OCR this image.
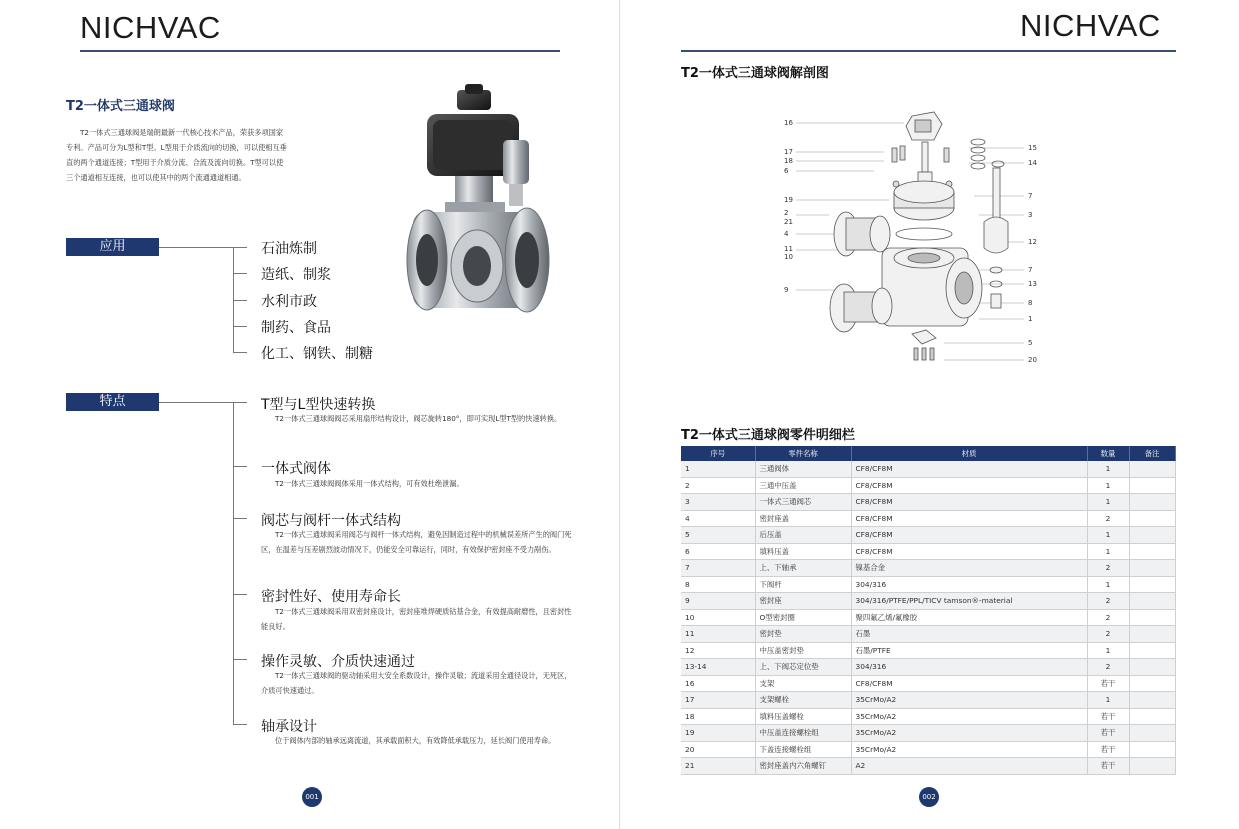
NICHVAC
T2一体式三通球阀
T2一体式三通球阀是瑞朗最新一代核心技术产品，荣获多项国家专利。产品可分为L型和T型。L型用于介质流向的切换，可以使相互垂直的两个通道连接；T型用于介质分流、合流及流向切换。T型可以使三个通道相互连接，也可以使其中的两个流通通道相通。
应用	石油炼制
造纸、制浆
水利市政
制药、食品
化工、钢铁、制糖
特点	T型与L型快速转换
T2一体式三通球阀阀芯采用扇形结构设计，阀芯旋转180°，即可实现L型T型的快速转换。
一体式阀体
T2一体式三通球阀阀体采用一体式结构，可有效杜绝泄漏。
阀芯与阀杆一体式结构
T2一体式三通球阀采用阀芯与阀杆一体式结构，避免因制造过程中的机械误差所产生的阀门死区，在温差与压差剧烈波动情况下，仍能安全可靠运行，同时，有效保护密封座不受力剐伤。
密封性好、使用寿命长
T2一体式三通球阀采用双密封座设计，密封座堆焊硬质钴基合金，有效提高耐磨性，且密封性能良好。
操作灵敏、介质快速通过
T2一体式三通球阀的驱动轴采用大安全系数设计，操作灵敏；流道采用全通径设计，无死区，介质可快速通过。
轴承设计
位于阀体内部的轴承远离流道，其承载面积大，有效降低承载压力，延长阀门使用寿命。
001
NICHVAC
T2一体式三通球阀解剖图
16
17
18
6
19
2
21
4
11
10
9
15
14
7
3
12
7
13
8
1
5
20
T2一体式三通球阀零件明细栏
序号	零件名称	材质	数量	备注
1	三通阀体	CF8/CF8M	1	
2	三通中压盖	CF8/CF8M	1	
3	一体式三通阀芯	CF8/CF8M	1	
4	密封座盖	CF8/CF8M	2	
5	后压盖	CF8/CF8M	1	
6	填料压盖	CF8/CF8M	1	
7	上、下轴承	镍基合金	2	
8	下阀杆	304/316	1	
9	密封座	304/316/PTFE/PPL/TICV tamson®-material	2	
10	O型密封圈	聚四氟乙烯/氟橡胶	2	
11	密封垫	石墨	2	
12	中压盖密封垫	石墨/PTFE	1	
13-14	上、下阀芯定位垫	304/316	2	
16	支架	CF8/CF8M	若干	
17	支架螺栓	35CrMo/A2	1	
18	填料压盖螺栓	35CrMo/A2	若干	
19	中压盖连接螺栓组	35CrMo/A2	若干	
20	下盖连接螺栓组	35CrMo/A2	若干	
21	密封座盖内六角螺钉	A2	若干	
002
